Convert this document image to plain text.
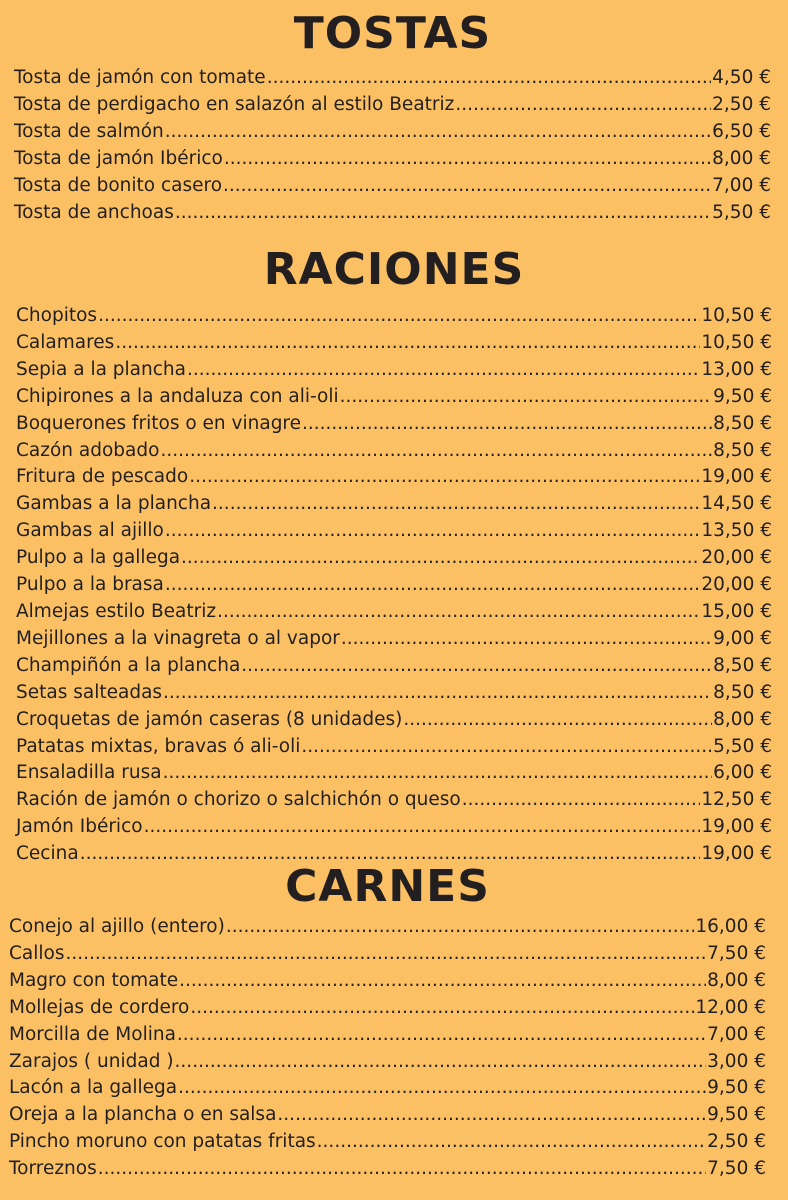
TOSTAS
Tosta de jamón con tomate .....	4,50 €
Tosta de perdigacho en salazón al estilo Beatriz .....	2,50 €
Tosta de salmón .....	6,50 €
Tosta de jamón Ibérico .....	8,00 €
Tosta de bonito casero .....	7,00 €
Tosta de anchoas .....	5,50 €
RACIONES
Chopitos .....	10,50 €
Calamares .....	10,50 €
Sepia a la plancha .....	13,00 €
Chipirones a la andaluza con ali-oli .....	9,50 €
Boquerones fritos o en vinagre .....	8,50 €
Cazón adobado .....	8,50 €
Fritura de pescado .....	19,00 €
Gambas a la plancha .....	14,50 €
Gambas al ajillo .....	13,50 €
Pulpo a la gallega .....	20,00 €
Pulpo a la brasa .....	20,00 €
Almejas estilo Beatriz .....	15,00 €
Mejillones a la vinagreta o al vapor .....	9,00 €
Champiñón a la plancha .....	8,50 €
Setas salteadas .....	8,50 €
Croquetas de jamón caseras (8 unidades) .....	8,00 €
Patatas mixtas, bravas ó ali-oli .....	5,50 €
Ensaladilla rusa .....	6,00 €
Ración de jamón o chorizo o salchichón o queso .....	12,50 €
Jamón Ibérico .....	19,00 €
Cecina .....	19,00 €
CARNES
Conejo al ajillo (entero) .....	16,00 €
Callos .....	7,50 €
Magro con tomate .....	8,00 €
Mollejas de cordero .....	12,00 €
Morcilla de Molina .....	7,00 €
Zarajos ( unidad ) .....	3,00 €
Lacón a la gallega .....	9,50 €
Oreja a la plancha o en salsa .....	9,50 €
Pincho moruno con patatas fritas .....	2,50 €
Torreznos .....	7,50 €
